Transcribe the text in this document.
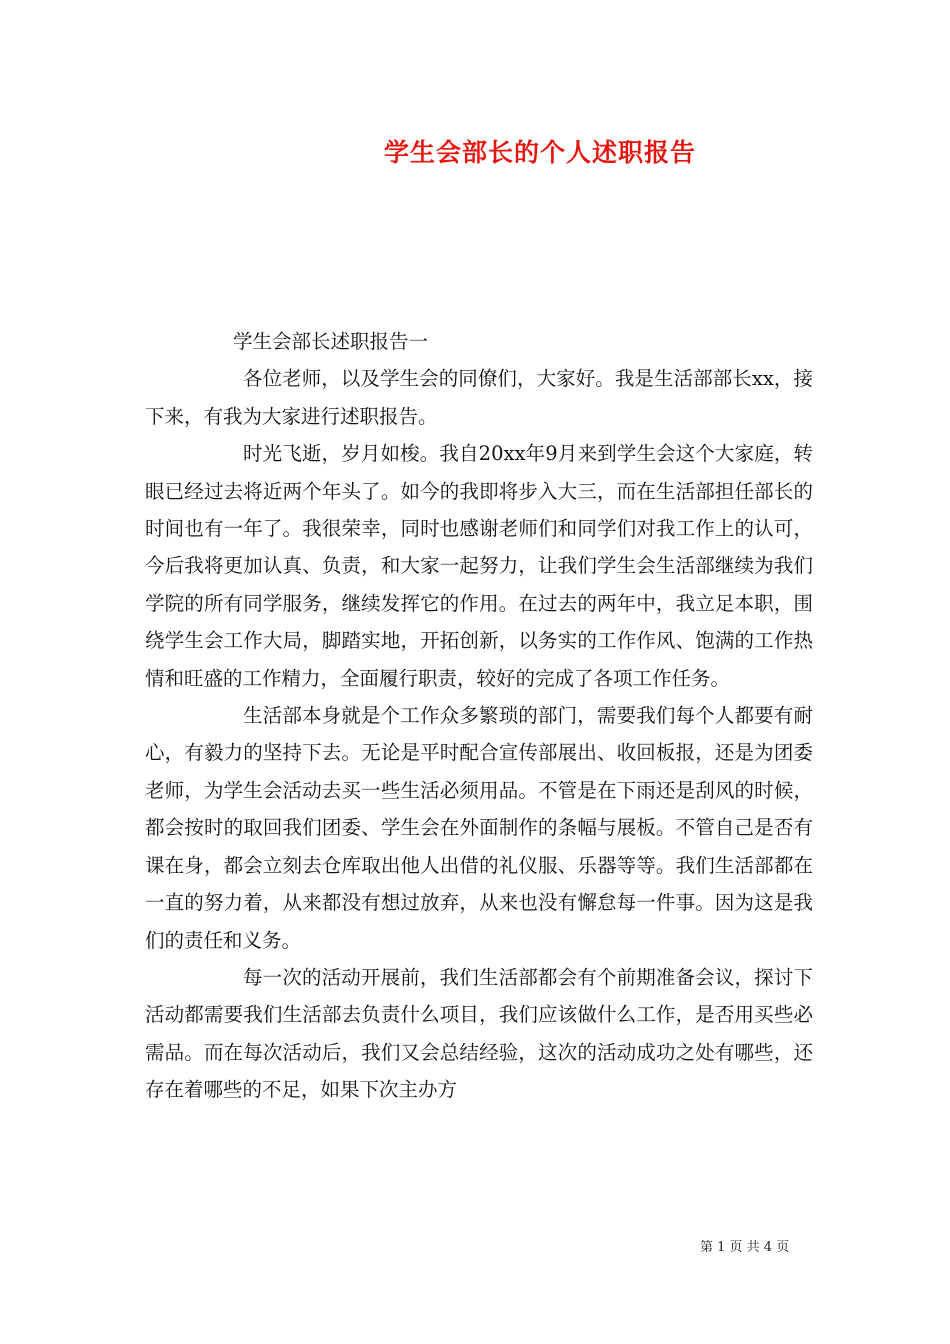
学生会部长的个人述职报告

学生会部长述职报告一

各位老师，以及学生会的同僚们，大家好。我是生活部部长xx，接下来，有我为大家进行述职报告。

时光飞逝，岁月如梭。我自20xx年9月来到学生会这个大家庭，转眼已经过去将近两个年头了。如今的我即将步入大三，而在生活部担任部长的时间也有一年了。我很荣幸，同时也感谢老师们和同学们对我工作上的认可，今后我将更加认真、负责，和大家一起努力，让我们学生会生活部继续为我们学院的所有同学服务，继续发挥它的作用。在过去的两年中，我立足本职，围绕学生会工作大局，脚踏实地，开拓创新，以务实的工作作风、饱满的工作热情和旺盛的工作精力，全面履行职责，较好的完成了各项工作任务。

生活部本身就是个工作众多繁琐的部门，需要我们每个人都要有耐心，有毅力的坚持下去。无论是平时配合宣传部展出、收回板报，还是为团委老师，为学生会活动去买一些生活必须用品。不管是在下雨还是刮风的时候，都会按时的取回我们团委、学生会在外面制作的条幅与展板。不管自己是否有课在身，都会立刻去仓库取出他人出借的礼仪服、乐器等等。我们生活部都在一直的努力着，从来都没有想过放弃，从来也没有懈怠每一件事。因为这是我们的责任和义务。

每一次的活动开展前，我们生活部都会有个前期准备会议，探讨下活动都需要我们生活部去负责什么项目，我们应该做什么工作，是否用买些必需品。而在每次活动后，我们又会总结经验，这次的活动成功之处有哪些，还存在着哪些的不足，如果下次主办方

第 1 页 共 4 页
